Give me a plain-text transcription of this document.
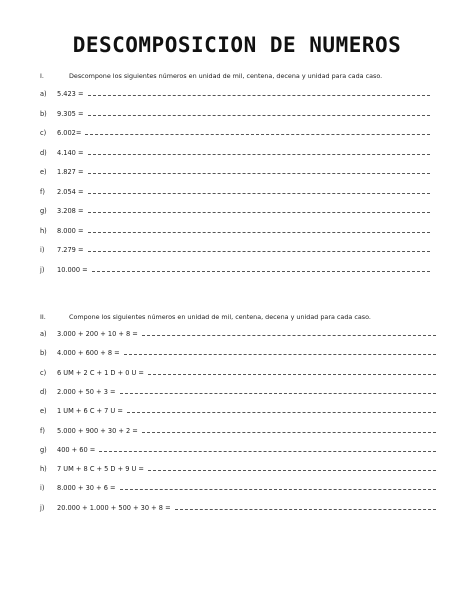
DESCOMPOSICION DE NUMEROS
I.	Descompone los siguientes números en unidad de mil, centena, decena y unidad para cada caso.
a)	5.423 =
b)	9.305 =
c)	6.002=
d)	4.140 =
e)	1.827 =
f)	2.054 =
g)	3.208 =
h)	8.000 =
i)	7.279 =
j)	10.000 =
II.	Compone los siguientes números en unidad de mil, centena, decena y unidad para cada caso.
a)	3.000 + 200 + 10 + 8 =
b)	4.000 + 600 + 8 =
c)	6 UM + 2 C + 1 D + 0 U =
d)	2.000 + 50 + 3 =
e)	1 UM + 6 C + 7 U =
f)	5.000 + 900 + 30 + 2 =
g)	400 + 60 =
h)	7 UM + 8 C + 5 D + 9 U =
i)	8.000 + 30 + 6 =
j)	20.000 + 1.000 + 500 + 30 + 8 =
